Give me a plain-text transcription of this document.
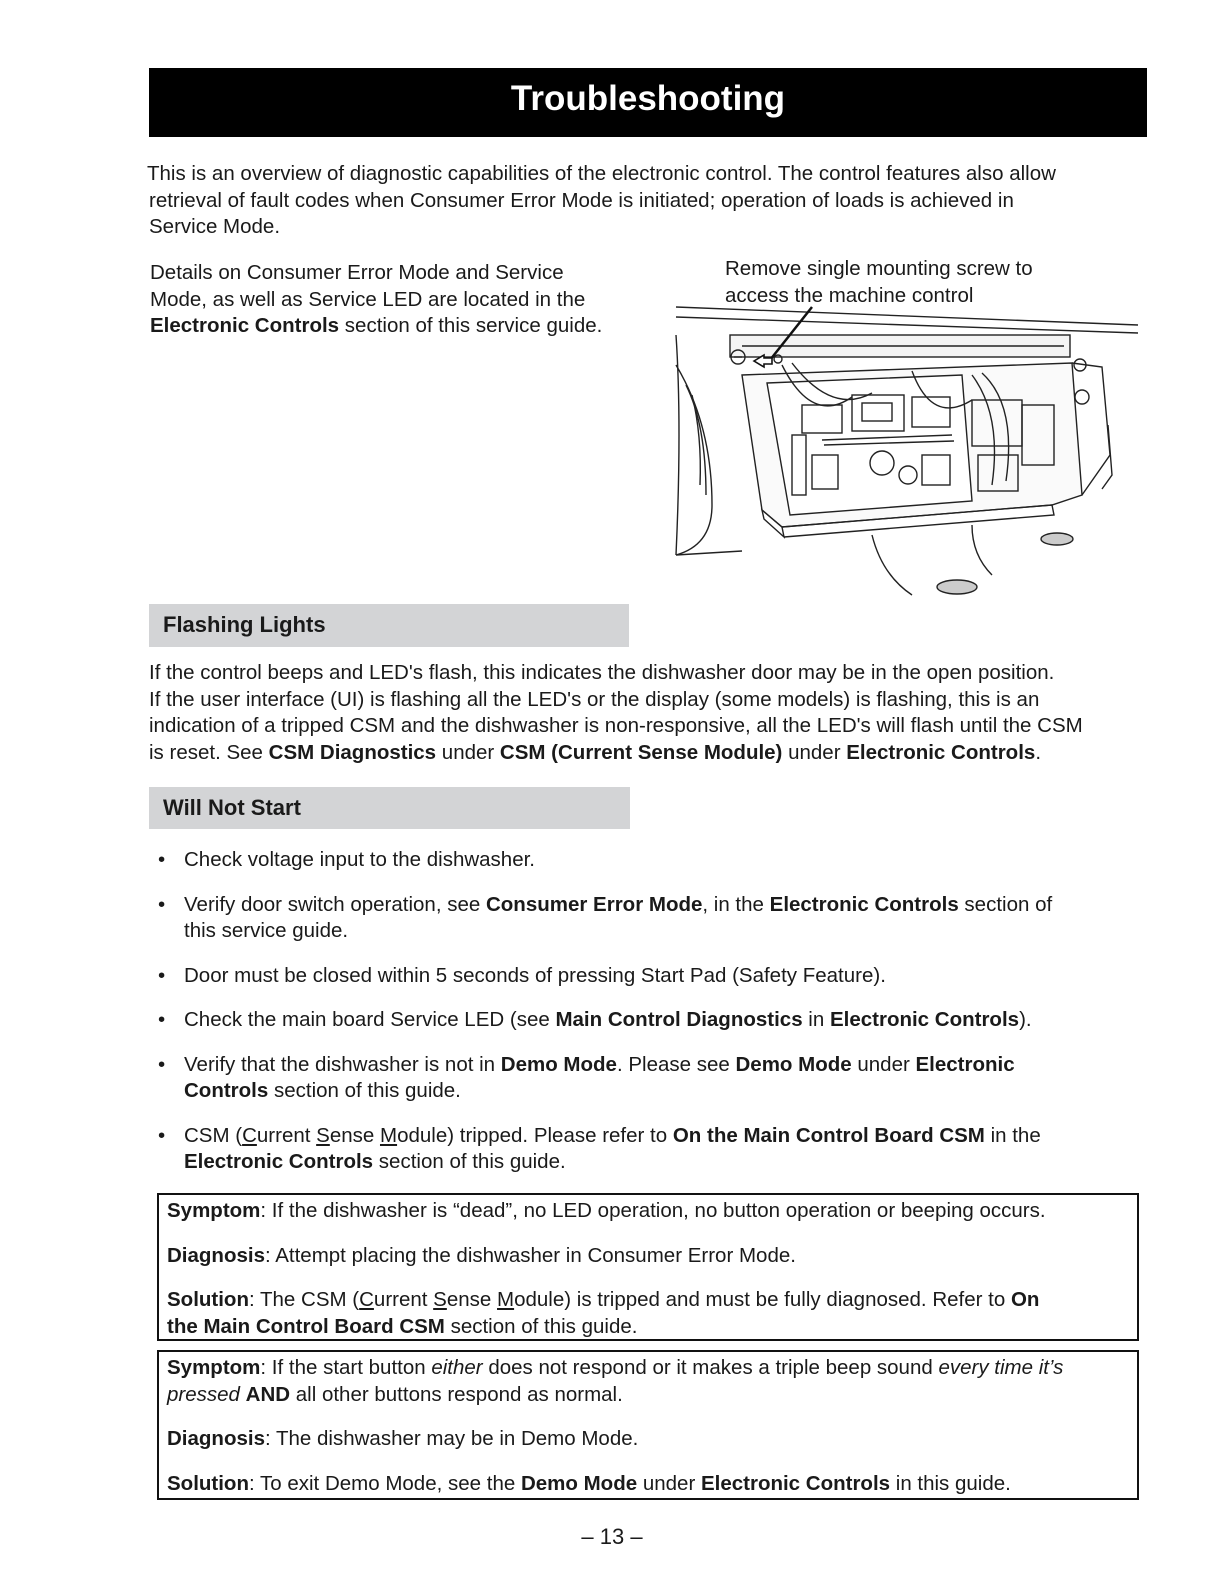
Troubleshooting
This is an overview of diagnostic capabilities of the electronic control. The control features also allow
retrieval of fault codes when Consumer Error Mode is initiated; operation of loads is achieved in
Service Mode.
Details on Consumer Error Mode and Service
Mode, as well as Service LED are located in the
Electronic Controls section of this service guide.
Remove single mounting screw to
access the machine control
Flashing Lights
If the control beeps and LED's flash, this indicates the dishwasher door may be in the open position.
If the user interface (UI) is flashing all the LED's or the display (some models) is flashing, this is an
indication of a tripped CSM and the dishwasher is non-responsive, all the LED's will flash until the CSM
is reset. See CSM Diagnostics under CSM (Current Sense Module) under Electronic Controls.
Will Not Start
• Check voltage input to the dishwasher.
• Verify door switch operation, see Consumer Error Mode, in the Electronic Controls section of
this service guide.
• Door must be closed within 5 seconds of pressing Start Pad (Safety Feature).
• Check the main board Service LED (see Main Control Diagnostics in Electronic Controls).
• Verify that the dishwasher is not in Demo Mode. Please see Demo Mode under Electronic
Controls section of this guide.
• CSM (Current Sense Module) tripped. Please refer to On the Main Control Board CSM in the
Electronic Controls section of this guide.

Symptom: If the dishwasher is “dead”, no LED operation, no button operation or beeping occurs.

Diagnosis: Attempt placing the dishwasher in Consumer Error Mode.

Solution: The CSM (Current Sense Module) is tripped and must be fully diagnosed. Refer to On
the Main Control Board CSM section of this guide.

Symptom: If the start button either does not respond or it makes a triple beep sound every time it’s
pressed AND all other buttons respond as normal.

Diagnosis: The dishwasher may be in Demo Mode.

Solution: To exit Demo Mode, see the Demo Mode under Electronic Controls in this guide.

– 13 –
